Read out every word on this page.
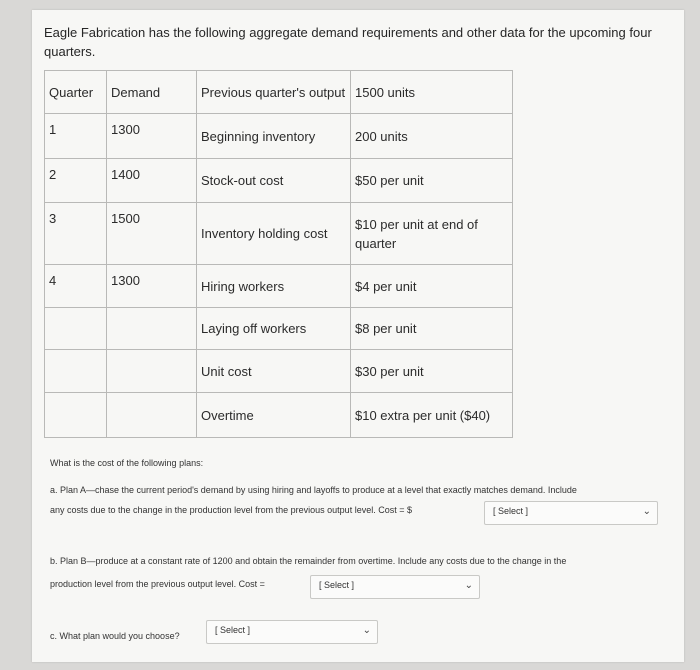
Eagle Fabrication has the following aggregate demand requirements and other data for the upcoming four quarters.
Quarter	Demand	Previous quarter's output	1500 units
1	1300	Beginning inventory	200 units
2	1400	Stock-out cost	$50 per unit
3	1500	Inventory holding cost	$10 per unit at end of quarter
4	1300	Hiring workers	$4 per unit
		Laying off workers	$8 per unit
		Unit cost	$30 per unit
		Overtime	$10 extra per unit ($40)
What is the cost of the following plans:
a. Plan A—chase the current period's demand by using hiring and layoffs to produce at a level that exactly matches demand. Include
any costs due to the change in the production level from the previous output level. Cost = $	[ Select ]	⌄
b. Plan B—produce at a constant rate of 1200 and obtain the remainder from overtime. Include any costs due to the change in the
production level from the previous output level. Cost =	[ Select ]	⌄
c. What plan would you choose?
[ Select ]	⌄
